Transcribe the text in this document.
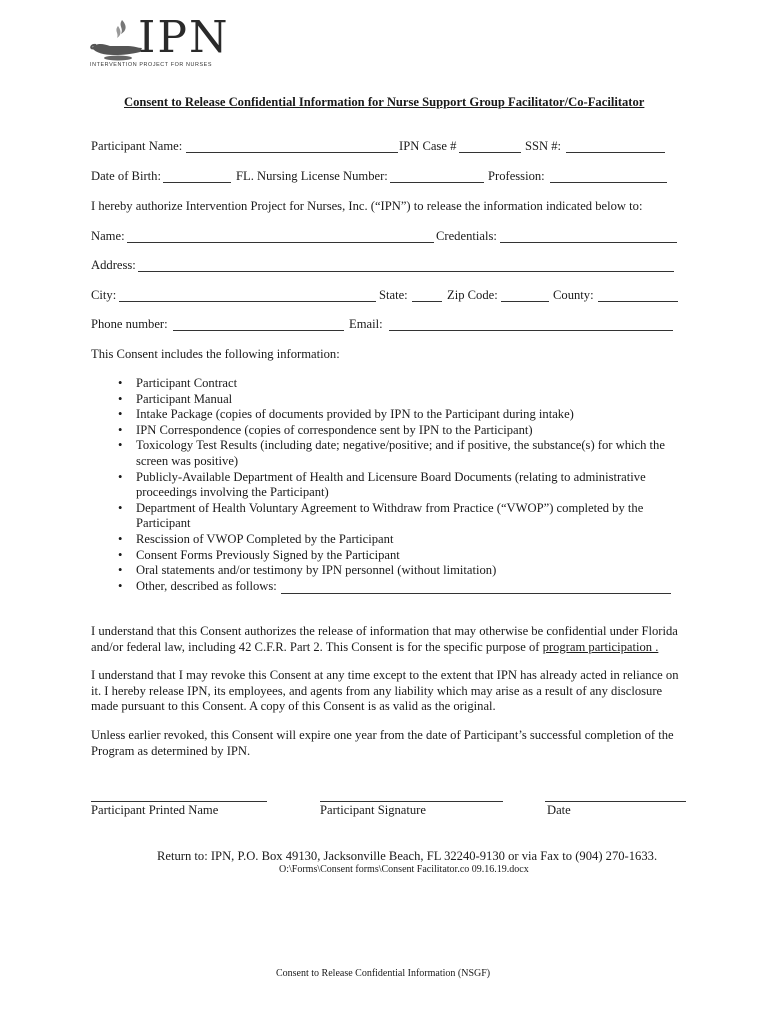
IPN
INTERVENTION PROJECT FOR NURSES
Consent to Release Confidential Information for Nurse Support Group Facilitator/Co-Facilitator
Participant Name:	IPN Case #	SSN #:
Date of Birth:	FL. Nursing License Number:	Profession:
I hereby authorize Intervention Project for Nurses, Inc. (“IPN”) to release the information indicated below to:
Name:	Credentials:
Address:
City:	State:	Zip Code:	County:
Phone number:	Email:
This Consent includes the following information:
• Participant Contract
• Participant Manual
• Intake Package (copies of documents provided by IPN to the Participant during intake)
• IPN Correspondence (copies of correspondence sent by IPN to the Participant)
• Toxicology Test Results (including date; negative/positive; and if positive, the substance(s) for which the screen was positive)
• Publicly-Available Department of Health and Licensure Board Documents (relating to administrative proceedings involving the Participant)
• Department of Health Voluntary Agreement to Withdraw from Practice (“VWOP”) completed by the Participant
• Rescission of VWOP Completed by the Participant
• Consent Forms Previously Signed by the Participant
• Oral statements and/or testimony by IPN personnel (without limitation)
• Other, described as follows:
I understand that this Consent authorizes the release of information that may otherwise be confidential under Florida
and/or federal law, including 42 C.F.R. Part 2. This Consent is for the specific purpose of program participation .
I understand that I may revoke this Consent at any time except to the extent that IPN has already acted in reliance on it. I hereby release IPN, its employees, and agents from any liability which may arise as a result of any disclosure made pursuant to this Consent. A copy of this Consent is as valid as the original.
Unless earlier revoked, this Consent will expire one year from the date of Participant’s successful completion of the Program as determined by IPN.
Participant Printed Name	Participant Signature	Date
Return to: IPN, P.O. Box 49130, Jacksonville Beach, FL 32240-9130 or via Fax to (904) 270-1633.
O:\Forms\Consent forms\Consent Facilitator.co 09.16.19.docx
Consent to Release Confidential Information (NSGF)
